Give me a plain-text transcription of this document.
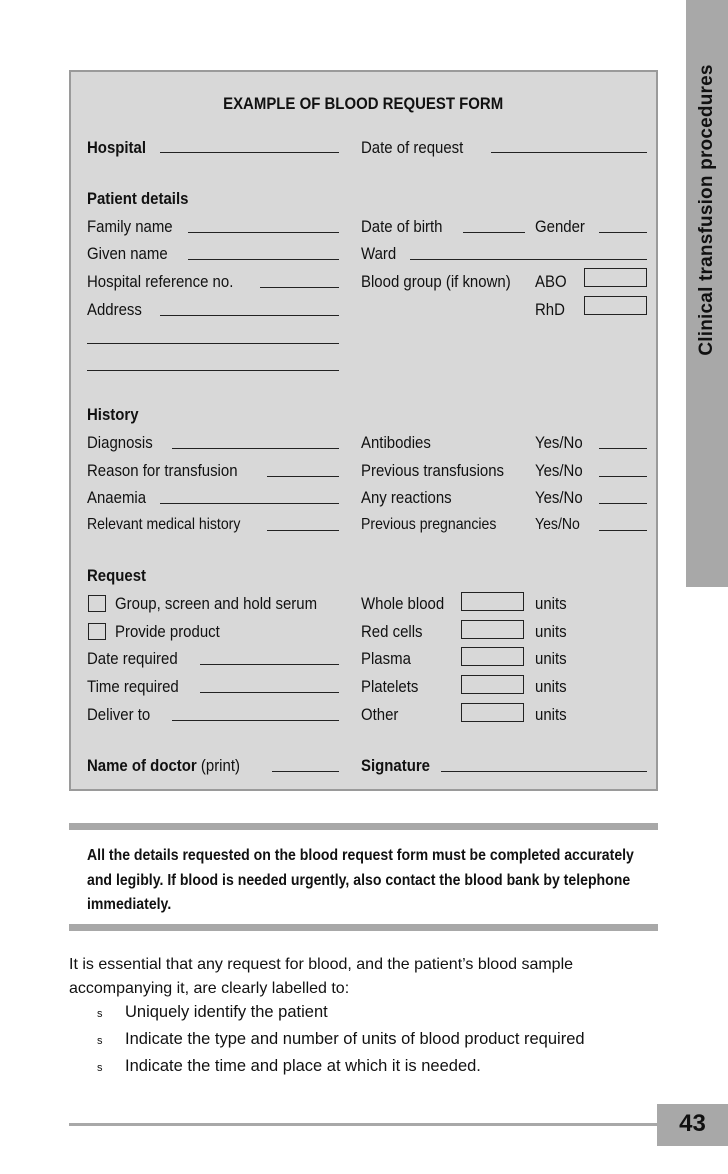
Clinical transfusion procedures
EXAMPLE OF BLOOD REQUEST FORM
Hospital	Date of request
Patient details
Family name	Date of birth	Gender
Given name	Ward
Hospital reference no.	Blood group (if known) ABO
Address	RhD
History
Diagnosis	Antibodies	Yes/No
Reason for transfusion	Previous transfusions Yes/No
Anaemia	Any reactions	Yes/No
Relevant medical history	Previous pregnancies Yes/No
Request
Group, screen and hold serum	Whole blood	units
Provide product	Red cells	units
Date required	Plasma	units
Time required	Platelets	units
Deliver to	Other	units
Name of doctor (print)	Signature
All the details requested on the blood request form must be completed accurately and legibly. If blood is needed urgently, also contact the blood bank by telephone immediately.
It is essential that any request for blood, and the patient’s blood sample
accompanying it, are clearly labelled to:
s Uniquely identify the patient
s Indicate the type and number of units of blood product required
s Indicate the time and place at which it is needed.
43
